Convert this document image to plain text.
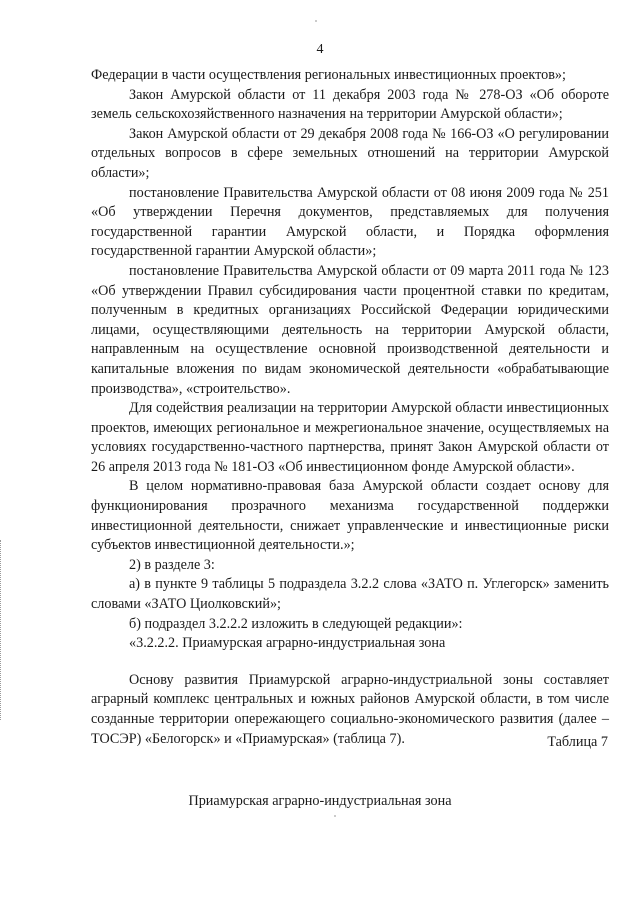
4

Федерации в части осуществления региональных инвестиционных проектов»;

Закон Амурской области от 11 декабря 2003 года № 278-ОЗ «Об обороте земель сельскохозяйственного назначения на территории Амурской области»;

Закон Амурской области от 29 декабря 2008 года № 166-ОЗ «О регулировании отдельных вопросов в сфере земельных отношений на территории Амурской области»;

постановление Правительства Амурской области от 08 июня 2009 года № 251 «Об утверждении Перечня документов, представляемых для получения государственной гарантии Амурской области, и Порядка оформления государственной гарантии Амурской области»;

постановление Правительства Амурской области от 09 марта 2011 года № 123 «Об утверждении Правил субсидирования части процентной ставки по кредитам, полученным в кредитных организациях Российской Федерации юридическими лицами, осуществляющими деятельность на территории Амурской области, направленным на осуществление основной производственной деятельности и капитальные вложения по видам экономической деятельности «обрабатывающие производства», «строительство».

Для содействия реализации на территории Амурской области инвестиционных проектов, имеющих региональное и межрегиональное значение, осуществляемых на условиях государственно-частного партнерства, принят Закон Амурской области от 26 апреля 2013 года № 181-ОЗ «Об инвестиционном фонде Амурской области».

В целом нормативно-правовая база Амурской области создает основу для функционирования прозрачного механизма государственной поддержки инвестиционной деятельности, снижает управленческие и инвестиционные риски субъектов инвестиционной деятельности.»;

2) в разделе 3:

а) в пункте 9 таблицы 5 подраздела 3.2.2 слова «ЗАТО п. Углегорск» заменить словами «ЗАТО Циолковский»;

б) подраздел 3.2.2.2 изложить в следующей редакции»:

«3.2.2.2. Приамурская аграрно-индустриальная зона

Основу развития Приамурской аграрно-индустриальной зоны составляет аграрный комплекс центральных и южных районов Амурской области, в том числе созданные территории опережающего социально-экономического развития (далее – ТОСЭР) «Белогорск» и «Приамурская» (таблица 7).	Таблица 7
Приамурская аграрно-индустриальная зона
